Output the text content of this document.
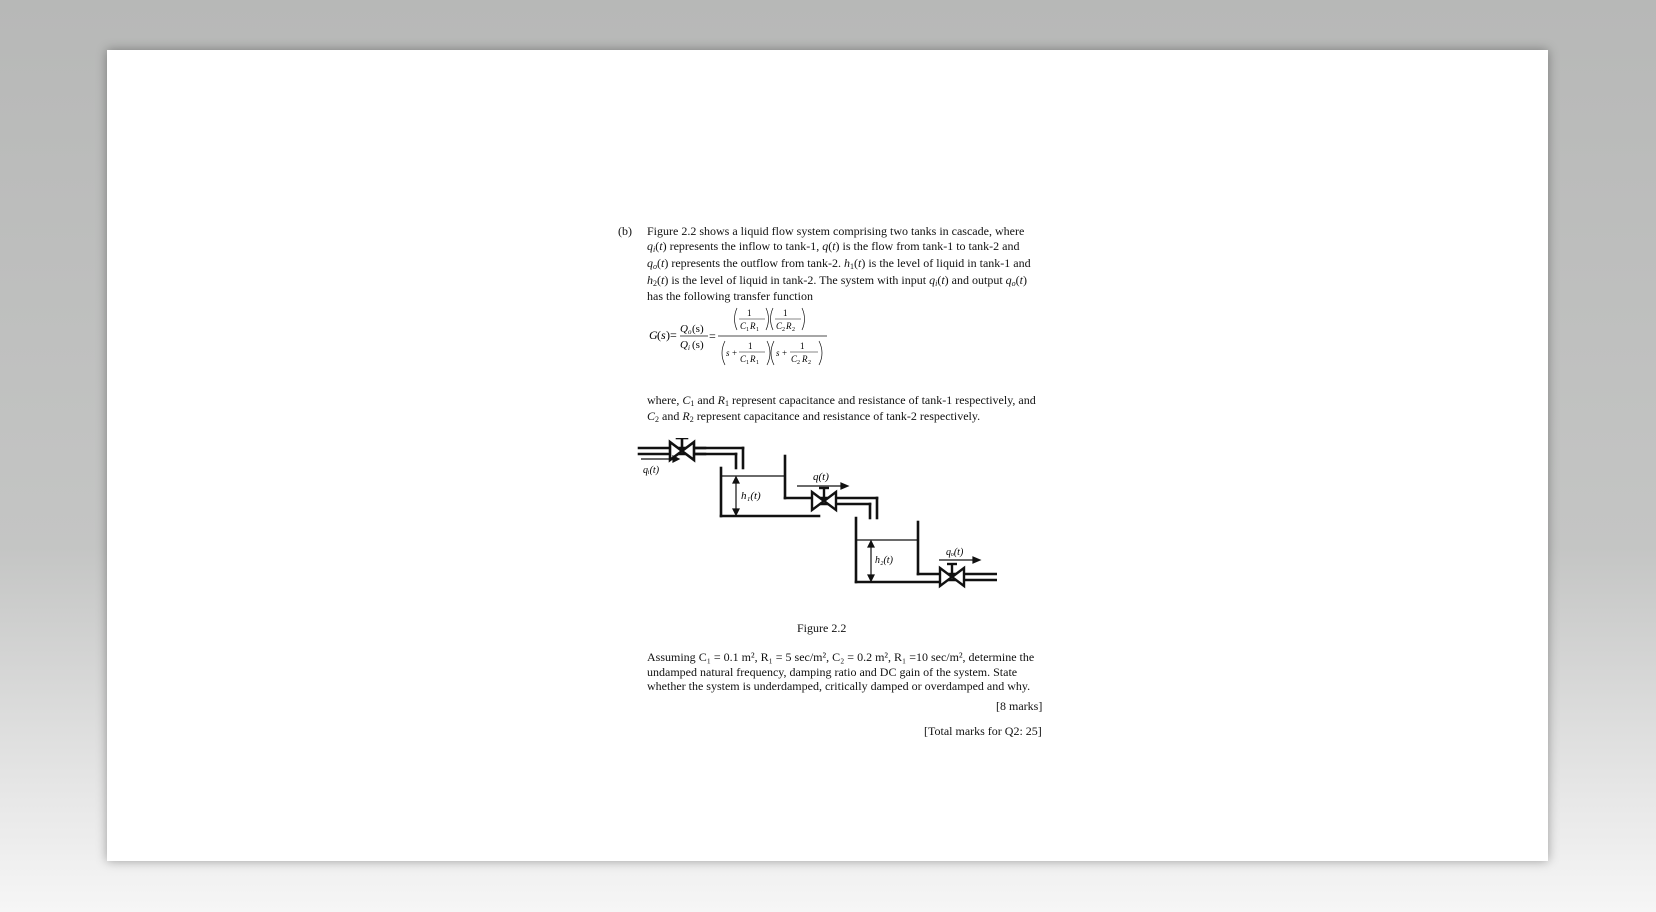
(b) Figure 2.2 shows a liquid flow system comprising two tanks in cascade, where
$q_i(t)$ represents the inflow to tank-1, q(t) is the flow from tank-1 to tank-2 and
$q_o(t)$ represents the outflow from tank-2. $h_1(t)$ is the level of liquid in tank-1 and
$h_2(t)$ is the level of liquid in tank-2. The system with input $q_i(t)$ and output $q_o(t)$
has the following transfer function
G ( s )= Q o (s)
Q i (s)
=
1
C 1 R 1
1
C 2 R 2
s +
1
C 1 R 1
s +
1
C 2 R 2
where, $C_1$ and $R_1$ represent capacitance and resistance of tank-1 respectively, and
$C_2$ and $R_2$ represent capacitance and resistance of tank-2 respectively.
qᵢ(t)
q(t)
h₁(t)
h₂(t)
qₒ(t)
Figure 2.2
Assuming C₁ = 0.1 m², R₁ = 5 sec/m², C₂ = 0.2 m², R₁ =10 sec/m², determine the
undamped natural frequency, damping ratio and DC gain of the system. State
whether the system is underdamped, critically damped or overdamped and why.
[8 marks]
[Total marks for Q2: 25]
